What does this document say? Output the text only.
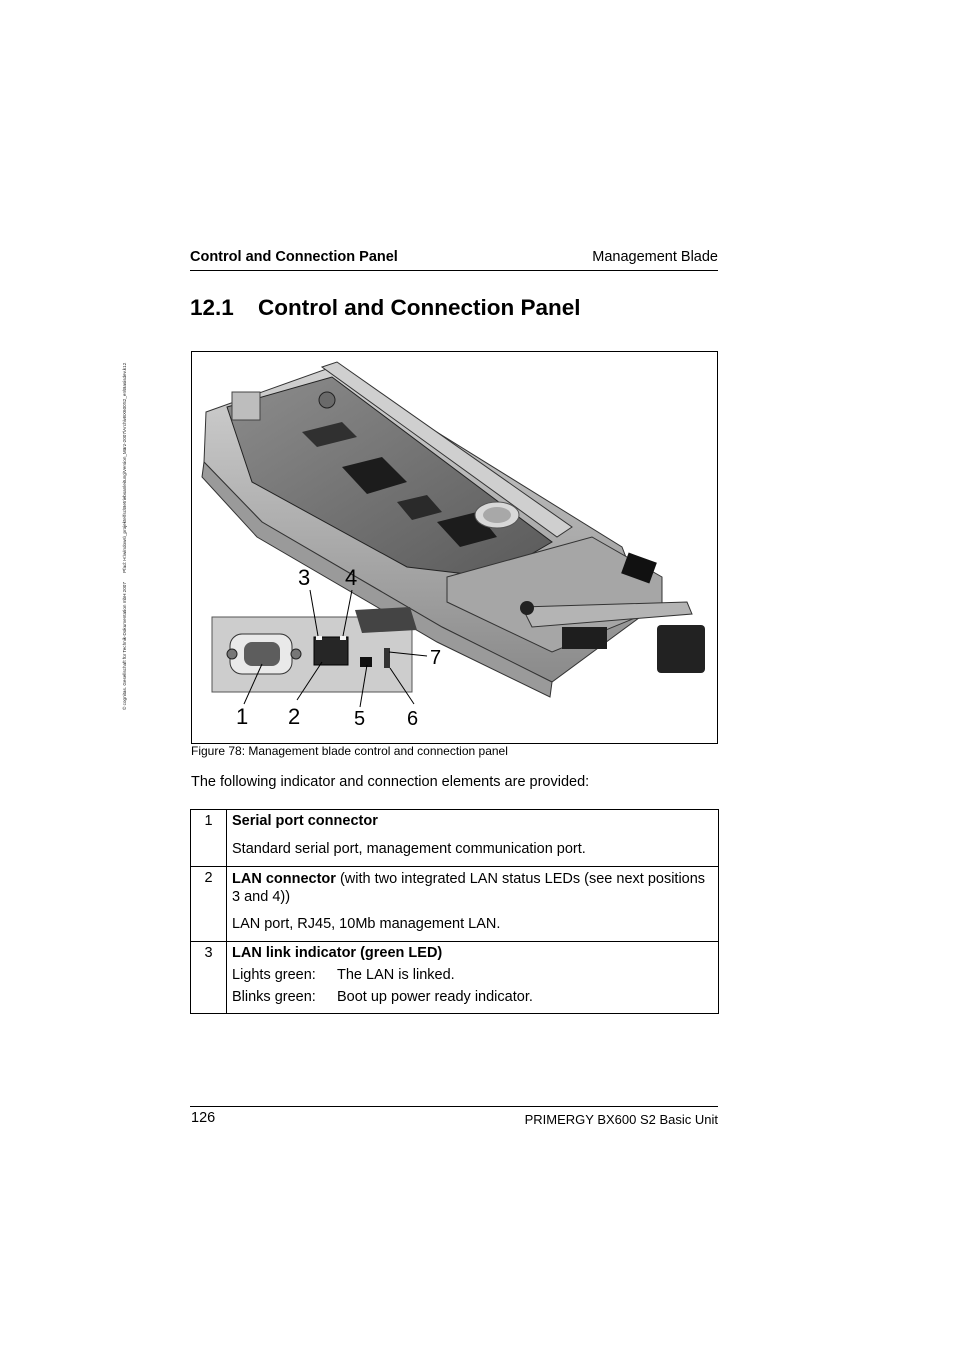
© cognitas. Gesellschaft für Technik-Dokumentation mbH 2007 Pfad: H:\windows\_projekte\fsc\Betriebsanleitung\Version_März-2007\ArchivBX600S2_en\Basisdev.k12
Control and Connection Panel	Management Blade
12.1 Control and Connection Panel
3 4
7
1 2	5 6
Figure 78: Management blade control and connection panel
The following indicator and connection elements are provided:
1	Serial port connector
Standard serial port, management communication port.

2	LAN connector (with two integrated LAN status LEDs (see next positions 3 and 4))
LAN port, RJ45, 10Mb management LAN.

3	LAN link indicator (green LED)
Lights green: The LAN is linked.
Blinks green: Boot up power ready indicator.
126	PRIMERGY BX600 S2 Basic Unit
